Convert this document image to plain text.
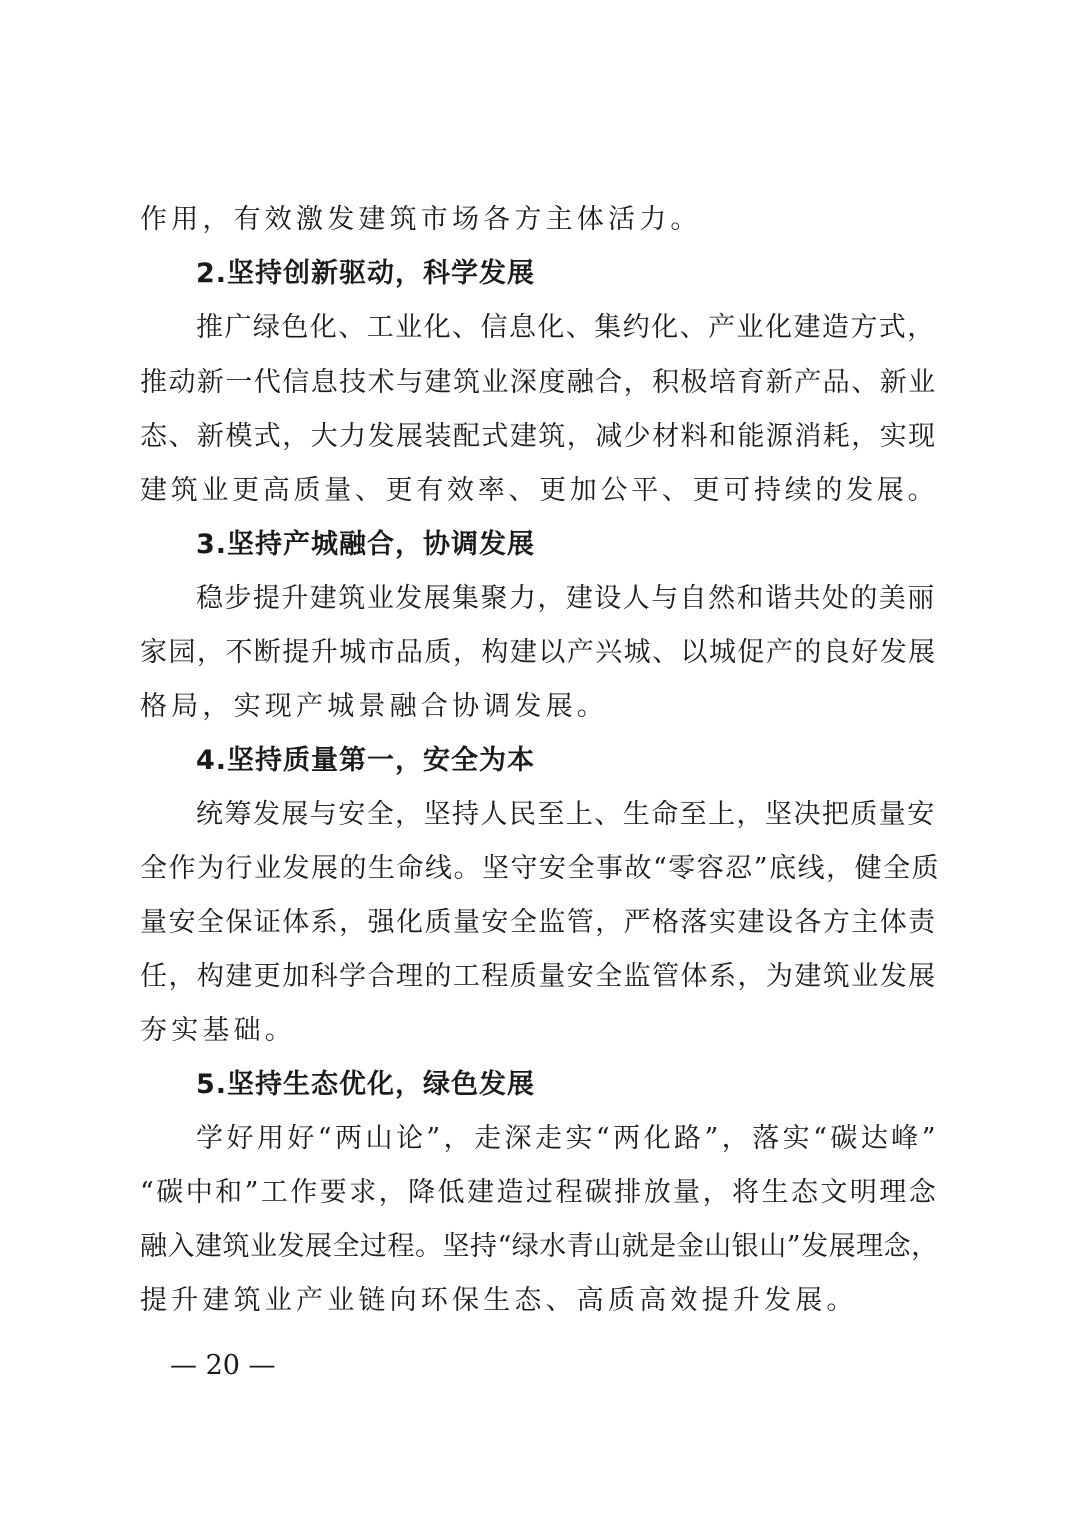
作用，有效激发建筑市场各方主体活力。
2.坚持创新驱动，科学发展
推广绿色化、工业化、信息化、集约化、产业化建造方式，
推动新一代信息技术与建筑业深度融合，积极培育新产品、新业
态、新模式，大力发展装配式建筑，减少材料和能源消耗，实现
建筑业更高质量、更有效率、更加公平、更可持续的发展。
3.坚持产城融合，协调发展
稳步提升建筑业发展集聚力，建设人与自然和谐共处的美丽
家园，不断提升城市品质，构建以产兴城、以城促产的良好发展
格局，实现产城景融合协调发展。
4.坚持质量第一，安全为本
统筹发展与安全，坚持人民至上、生命至上，坚决把质量安
全作为行业发展的生命线。坚守安全事故“零容忍”底线，健全质
量安全保证体系，强化质量安全监管，严格落实建设各方主体责
任，构建更加科学合理的工程质量安全监管体系，为建筑业发展
夯实基础。
5.坚持生态优化，绿色发展
学好用好“两山论”，走深走实“两化路”，落实“碳达峰”
“碳中和”工作要求，降低建造过程碳排放量，将生态文明理念
融入建筑业发展全过程。坚持“绿水青山就是金山银山”发展理念，
提升建筑业产业链向环保生态、高质高效提升发展。
— 20 —
